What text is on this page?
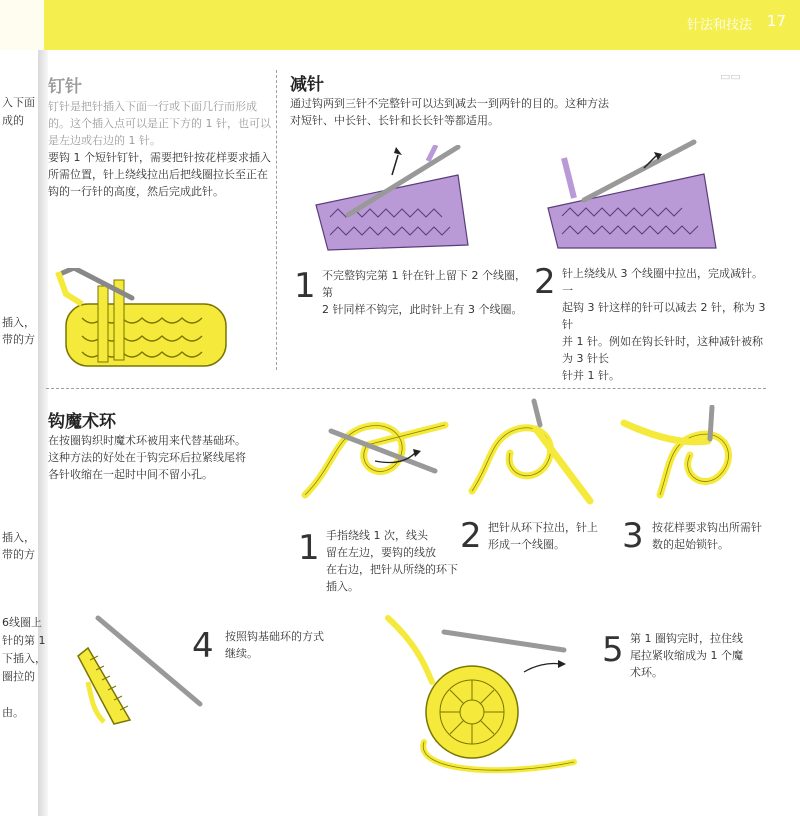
针法和技法 17
入下面
成的
插入，
带的方
插入，
带的方
6线圈上
针的第 1
下插入，
圈拉的
由。
▭▭
钉针
钉针是把针插入下面一行或下面几行而形成
的。这个插入点可以是正下方的 1 针，也可以
是左边或右边的 1 针。
要钩 1 个短针钉针，需要把针按花样要求插入
所需位置，针上绕线拉出后把线圈拉长至正在
钩的一行针的高度，然后完成此针。
减针
通过钩两到三针不完整针可以达到减去一到两针的目的。这种方法
对短针、中长针、长针和长长针等都适用。
1 不完整钩完第 1 针在针上留下 2 个线圈，第
2 针同样不钩完，此时针上有 3 个线圈。
2 针上绕线从 3 个线圈中拉出，完成减针。一
起钩 3 针这样的针可以减去 2 针，称为 3 针
并 1 针。例如在钩长针时，这种减针被称为 3 针长
针并 1 针。
钩魔术环
在按圈钩织时魔术环被用来代替基础环。
这种方法的好处在于钩完环后拉紧线尾将
各针收缩在一起时中间不留小孔。
1 手指绕线 1 次，线头
留在左边，要钩的线放
在右边，把针从所绕的环下
插入。
2 把针从环下拉出，针上
形成一个线圈。	3 按花样要求钩出所需针
数的起始锁针。
4 按照钩基础环的方式
继续。	5 第 1 圈钩完时，拉住线
尾拉紧收缩成为 1 个魔
术环。
